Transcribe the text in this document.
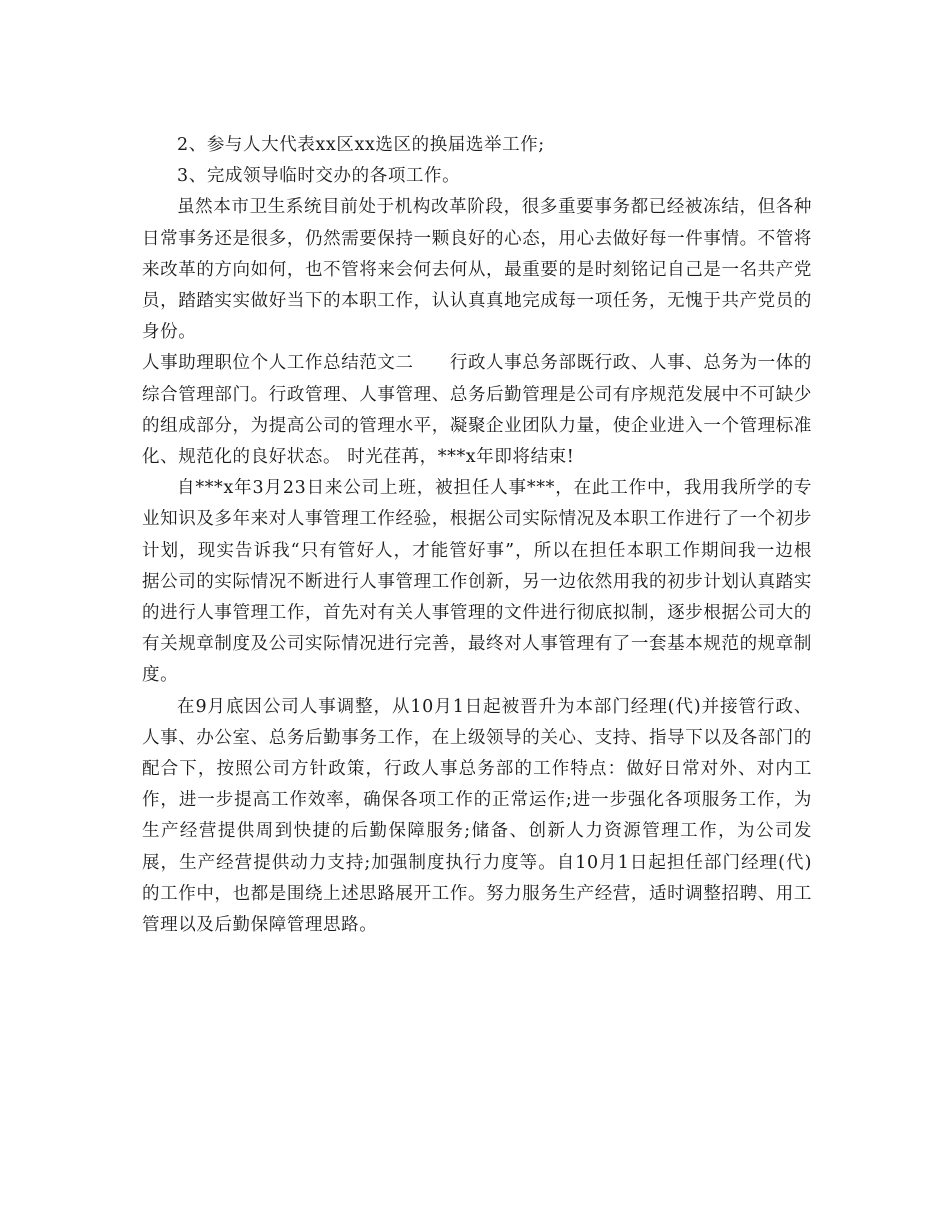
2、参与人大代表xx区xx选区的换届选举工作;

3、完成领导临时交办的各项工作。

虽然本市卫生系统目前处于机构改革阶段，很多重要事务都已经被冻结，但各种日常事务还是很多，仍然需要保持一颗良好的心态，用心去做好每一件事情。不管将来改革的方向如何，也不管将来会何去何从，最重要的是时刻铭记自己是一名共产党员，踏踏实实做好当下的本职工作，认认真真地完成每一项任务，无愧于共产党员的身份。

人事助理职位个人工作总结范文二　　行政人事总务部既行政、人事、总务为一体的综合管理部门。行政管理、人事管理、总务后勤管理是公司有序规范发展中不可缺少的组成部分，为提高公司的管理水平，凝聚企业团队力量，使企业进入一个管理标准化、规范化的良好状态。 时光荏苒，***x年即将结束!

自***x年3月23日来公司上班，被担任人事***，在此工作中，我用我所学的专业知识及多年来对人事管理工作经验，根据公司实际情况及本职工作进行了一个初步计划，现实告诉我“只有管好人，才能管好事”，所以在担任本职工作期间我一边根据公司的实际情况不断进行人事管理工作创新，另一边依然用我的初步计划认真踏实的进行人事管理工作，首先对有关人事管理的文件进行彻底拟制，逐步根据公司大的有关规章制度及公司实际情况进行完善，最终对人事管理有了一套基本规范的规章制度。

在9月底因公司人事调整，从10月1日起被晋升为本部门经理(代)并接管行政、人事、办公室、总务后勤事务工作，在上级领导的关心、支持、指导下以及各部门的配合下，按照公司方针政策，行政人事总务部的工作特点：做好日常对外、对内工作，进一步提高工作效率，确保各项工作的正常运作;进一步强化各项服务工作，为生产经营提供周到快捷的后勤保障服务;储备、创新人力资源管理工作，为公司发展，生产经营提供动力支持;加强制度执行力度等。自10月1日起担任部门经理(代)的工作中，也都是围绕上述思路展开工作。努力服务生产经营，适时调整招聘、用工管理以及后勤保障管理思路。
